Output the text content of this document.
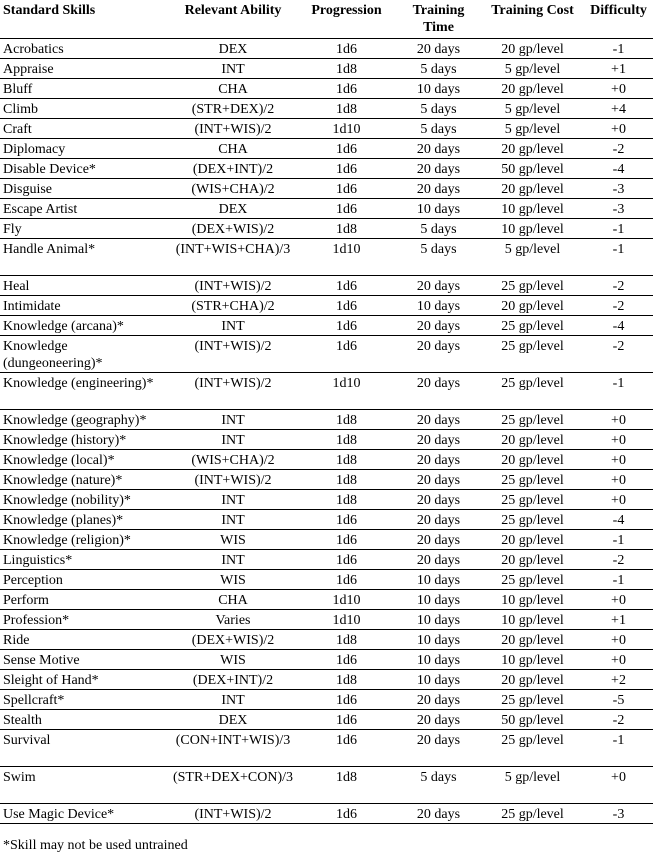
Standard Skills	Relevant Ability	Progression	Training Time	Training Cost	Difficulty
Acrobatics	DEX	1d6	20 days	20 gp/level	-1
Appraise	INT	1d8	5 days	5 gp/level	+1
Bluff	CHA	1d6	10 days	20 gp/level	+0
Climb	(STR+DEX)/2	1d8	5 days	5 gp/level	+4
Craft	(INT+WIS)/2	1d10	5 days	5 gp/level	+0
Diplomacy	CHA	1d6	20 days	20 gp/level	-2
Disable Device*	(DEX+INT)/2	1d6	20 days	50 gp/level	-4
Disguise	(WIS+CHA)/2	1d6	20 days	20 gp/level	-3
Escape Artist	DEX	1d6	10 days	10 gp/level	-3
Fly	(DEX+WIS)/2	1d8	5 days	10 gp/level	-1
Handle Animal*	(INT+WIS+CHA)/3	1d10	5 days	5 gp/level	-1
Heal	(INT+WIS)/2	1d6	20 days	25 gp/level	-2
Intimidate	(STR+CHA)/2	1d6	10 days	20 gp/level	-2
Knowledge (arcana)*	INT	1d6	20 days	25 gp/level	-4
Knowledge (dungeoneering)*	(INT+WIS)/2	1d6	20 days	25 gp/level	-2
Knowledge (engineering)*	(INT+WIS)/2	1d10	20 days	25 gp/level	-1
Knowledge (geography)*	INT	1d8	20 days	25 gp/level	+0
Knowledge (history)*	INT	1d8	20 days	20 gp/level	+0
Knowledge (local)*	(WIS+CHA)/2	1d8	20 days	20 gp/level	+0
Knowledge (nature)*	(INT+WIS)/2	1d8	20 days	25 gp/level	+0
Knowledge (nobility)*	INT	1d8	20 days	25 gp/level	+0
Knowledge (planes)*	INT	1d6	20 days	25 gp/level	-4
Knowledge (religion)*	WIS	1d6	20 days	20 gp/level	-1
Linguistics*	INT	1d6	20 days	20 gp/level	-2
Perception	WIS	1d6	10 days	25 gp/level	-1
Perform	CHA	1d10	10 days	10 gp/level	+0
Profession*	Varies	1d10	10 days	10 gp/level	+1
Ride	(DEX+WIS)/2	1d8	10 days	20 gp/level	+0
Sense Motive	WIS	1d6	10 days	10 gp/level	+0
Sleight of Hand*	(DEX+INT)/2	1d8	10 days	20 gp/level	+2
Spellcraft*	INT	1d6	20 days	25 gp/level	-5
Stealth	DEX	1d6	20 days	50 gp/level	-2
Survival	(CON+INT+WIS)/3	1d6	20 days	25 gp/level	-1
Swim	(STR+DEX+CON)/3	1d8	5 days	5 gp/level	+0
Use Magic Device*	(INT+WIS)/2	1d6	20 days	25 gp/level	-3
*Skill may not be used untrained
